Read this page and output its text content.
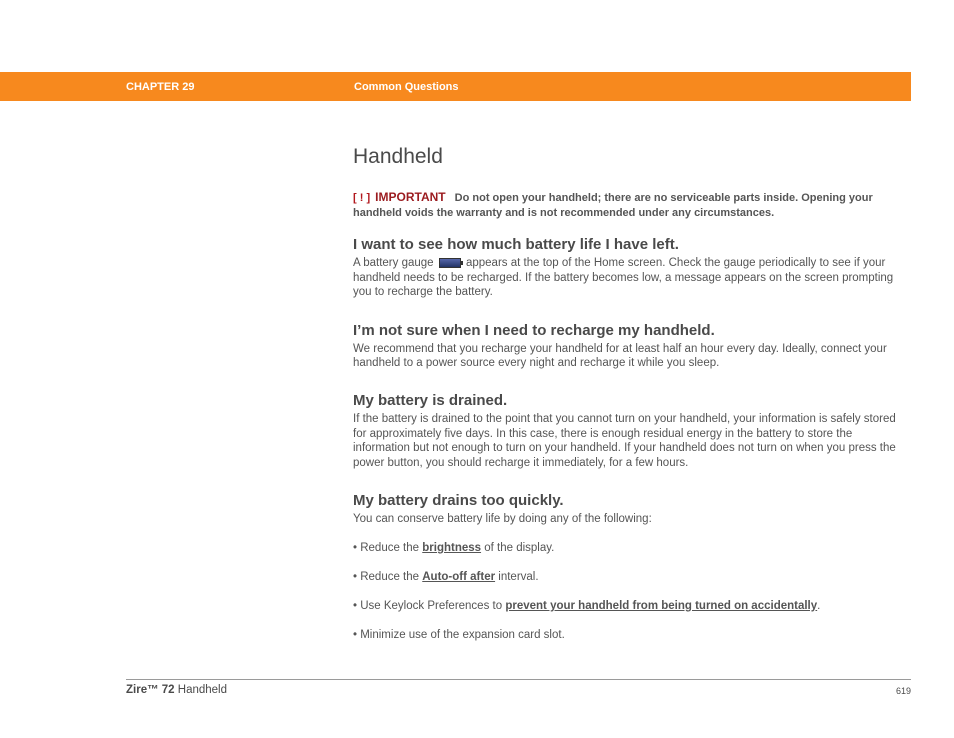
CHAPTER 29	Common Questions
Handheld
[ ! ] IMPORTANT Do not open your handheld; there are no serviceable parts inside. Opening your handheld voids the warranty and is not recommended under any circumstances.
I want to see how much battery life I have left.

A battery gauge	appears at the top of the Home screen. Check the gauge periodically to see if your handheld needs to be recharged. If the battery becomes low, a message appears on the screen prompting you to recharge the battery.

I’m not sure when I need to recharge my handheld.

We recommend that you recharge your handheld for at least half an hour every day. Ideally, connect your handheld to a power source every night and recharge it while you sleep.

My battery is drained.

If the battery is drained to the point that you cannot turn on your handheld, your information is safely stored for approximately five days. In this case, there is enough residual energy in the battery to store the information but not enough to turn on your handheld. If your handheld does not turn on when you press the power button, you should recharge it immediately, for a few hours.

My battery drains too quickly.

You can conserve battery life by doing any of the following:

• Reduce the brightness of the display.
• Reduce the Auto-off after interval.
• Use Keylock Preferences to prevent your handheld from being turned on accidentally.
• Minimize use of the expansion card slot.
Zire™ 72 Handheld	619
